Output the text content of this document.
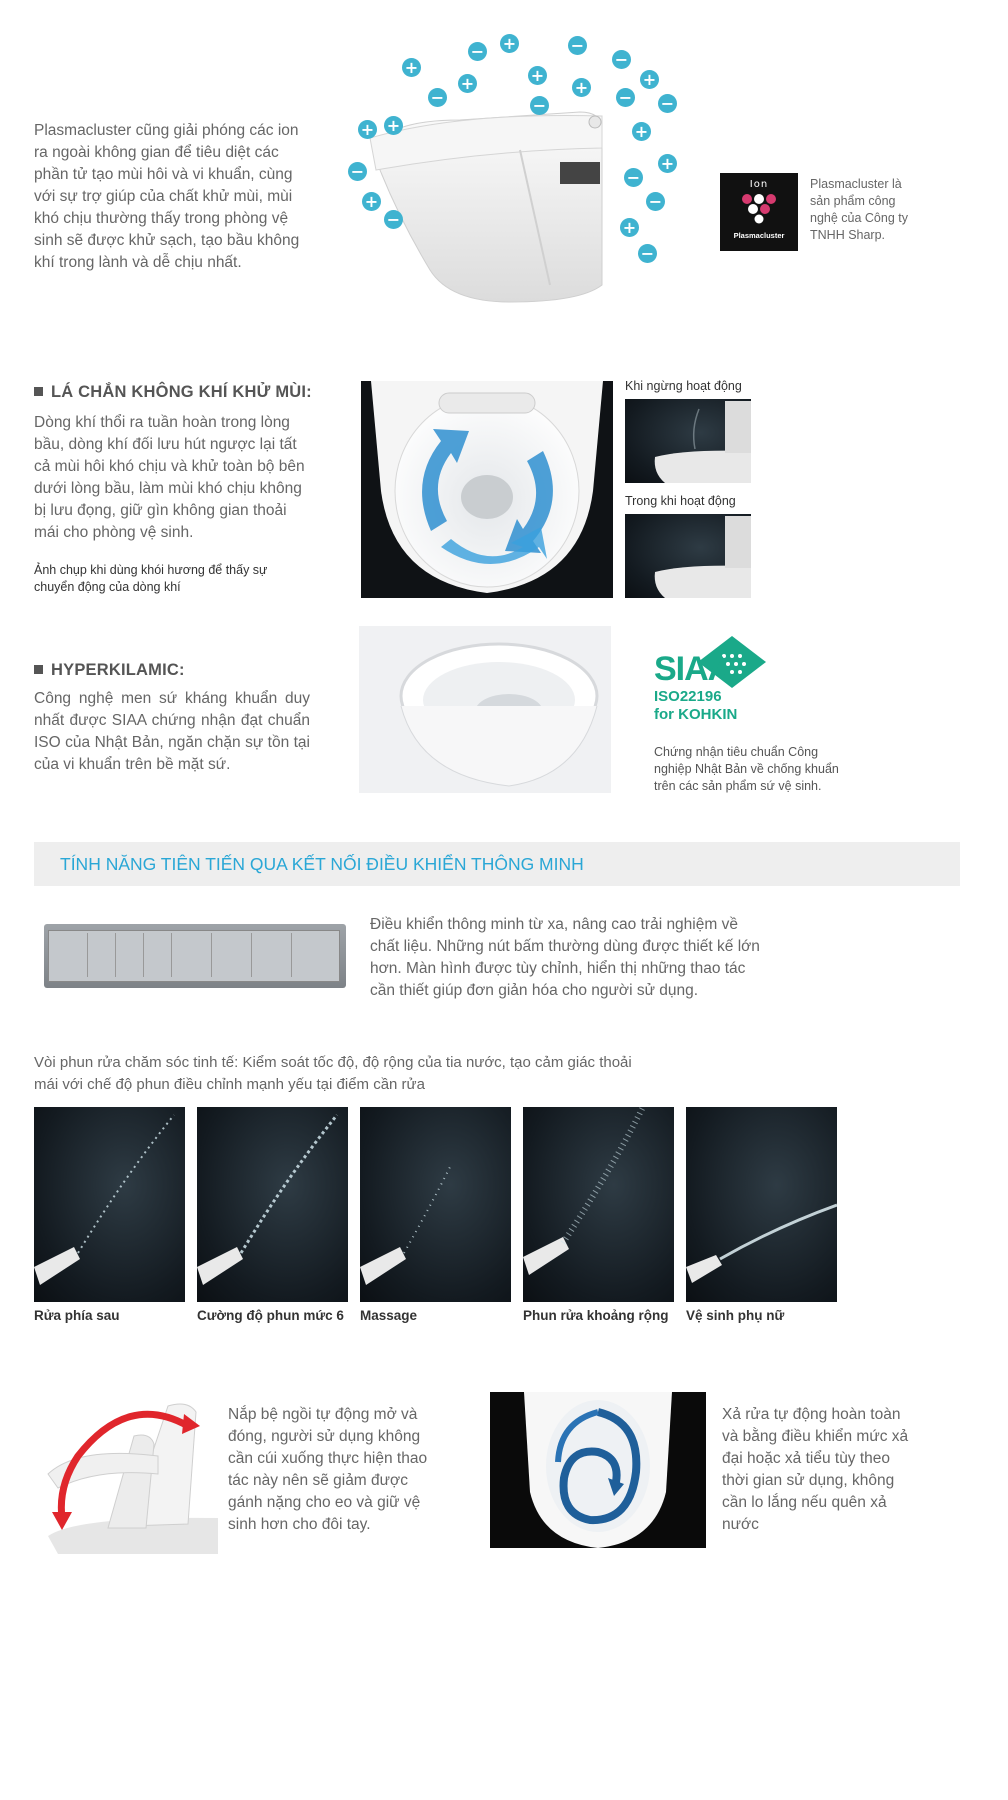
Plasmacluster cũng giải phóng các ion ra ngoài không gian để tiêu diệt các phần tử tạo mùi hôi và vi khuẩn, cùng với sự trợ giúp của chất khử mùi, mùi khó chịu thường thấy trong phòng vệ sinh sẽ được khử sạch, tạo bầu không khí trong lành và dễ chịu nhất.

+
− +	−
−
+	+
+	+
−	−	− −
+ +	+
−	+
−
+	−
−	+
−
Ion
Plasmacluster
Plasmacluster là sản phẩm công nghệ của Công ty TNHH Sharp.
LÁ CHẮN KHÔNG KHÍ KHỬ MÙI:

Dòng khí thổi ra tuần hoàn trong lòng bầu, dòng khí đối lưu hút ngược lại tất cả mùi hôi khó chịu và khử toàn bộ bên dưới lòng bầu, làm mùi khó chịu không bị lưu đọng, giữ gìn không gian thoải mái cho phòng vệ sinh.

Ảnh chụp khi dùng khói hương để thấy sự chuyển động của dòng khí
Khi ngừng hoạt động
Trong khi hoạt động
HYPERKILAMIC:

Công nghệ men sứ kháng khuẩn duy nhất được SIAA chứng nhận đạt chuẩn ISO của Nhật Bản, ngăn chặn sự tồn tại của vi khuẩn trên bề mặt sứ.

SIAA
ISO22196
for KOHKIN
Chứng nhận tiêu chuẩn Công nghiệp Nhật Bản về chống khuẩn trên các sản phẩm sứ vệ sinh.
TÍNH NĂNG TIÊN TIẾN QUA KẾT NỐI ĐIỀU KHIỂN THÔNG MINH

Điều khiển thông minh từ xa, nâng cao trải nghiệm về chất liệu. Những nút bấm thường dùng được thiết kế lớn hơn. Màn hình được tùy chỉnh, hiển thị những thao tác cần thiết giúp đơn giản hóa cho người sử dụng.

Vòi phun rửa chăm sóc tinh tế: Kiểm soát tốc độ, độ rộng của tia nước, tạo cảm giác thoải mái với chế độ phun điều chỉnh mạnh yếu tại điểm cần rửa

Rửa phía sau	Cường độ phun mức 6 Massage	Phun rửa khoảng rộng Vệ sinh phụ nữ

Nắp bệ ngồi tự động mở và đóng, người sử dụng không cần cúi xuống thực hiện thao tác này nên sẽ giảm được gánh nặng cho eo và giữ vệ sinh hơn cho đôi tay.

Xả rửa tự động hoàn toàn và bằng điều khiển mức xả đại hoặc xả tiểu tùy theo thời gian sử dụng, không cần lo lắng nếu quên xả nước
